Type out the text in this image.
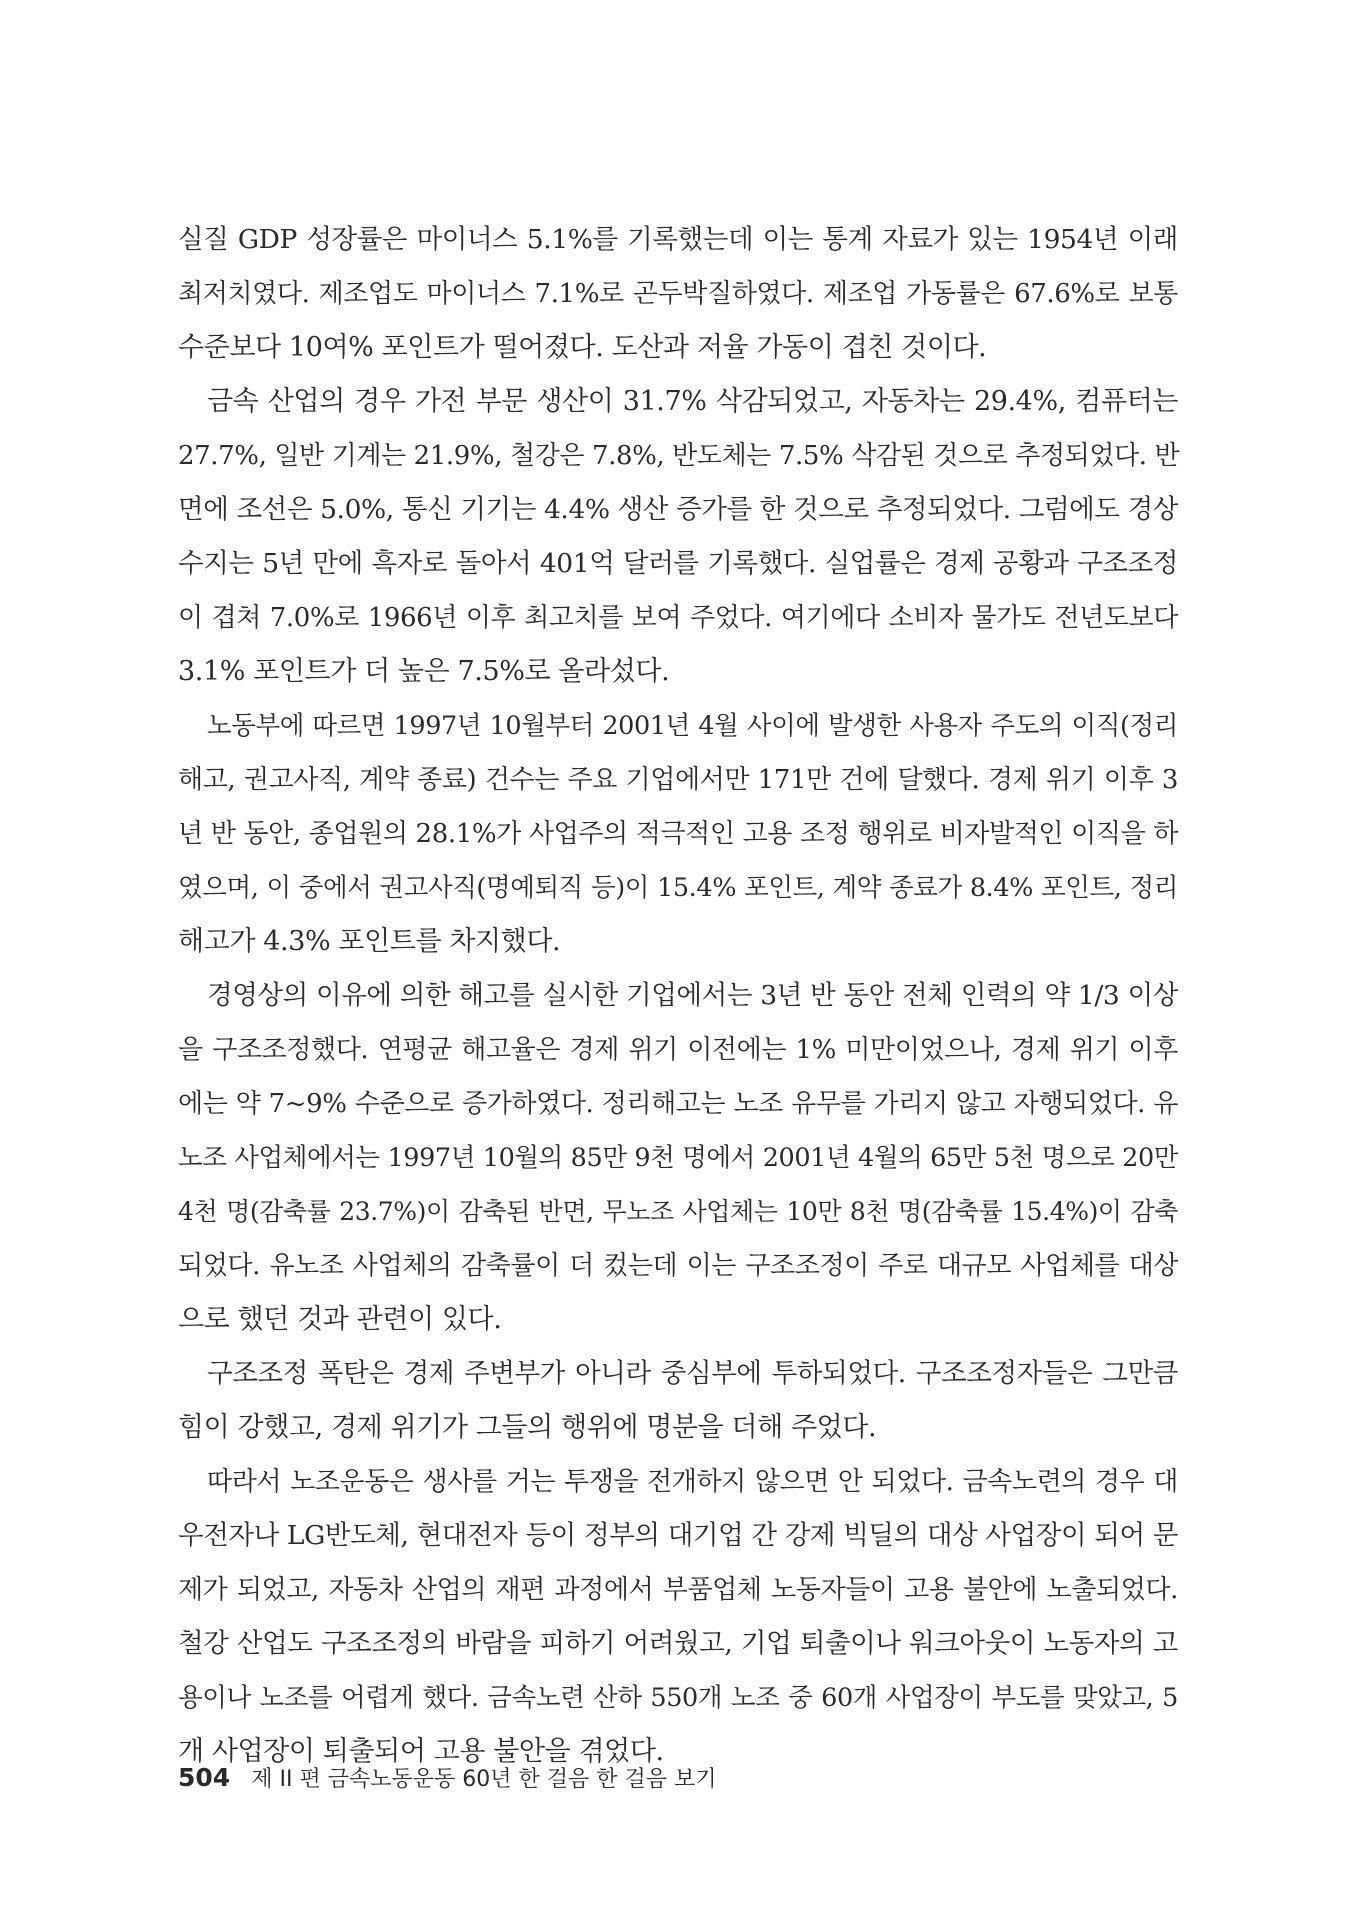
실질 GDP 성장률은 마이너스 5.1%를 기록했는데 이는 통계 자료가 있는 1954년 이래
최저치였다. 제조업도 마이너스 7.1%로 곤두박질하였다. 제조업 가동률은 67.6%로 보통
수준보다 10여% 포인트가 떨어졌다. 도산과 저율 가동이 겹친 것이다.

금속 산업의 경우 가전 부문 생산이 31.7% 삭감되었고, 자동차는 29.4%, 컴퓨터는
27.7%, 일반 기계는 21.9%, 철강은 7.8%, 반도체는 7.5% 삭감된 것으로 추정되었다. 반
면에 조선은 5.0%, 통신 기기는 4.4% 생산 증가를 한 것으로 추정되었다. 그럼에도 경상
수지는 5년 만에 흑자로 돌아서 401억 달러를 기록했다. 실업률은 경제 공황과 구조조정
이 겹쳐 7.0%로 1966년 이후 최고치를 보여 주었다. 여기에다 소비자 물가도 전년도보다
3.1% 포인트가 더 높은 7.5%로 올라섰다.

노동부에 따르면 1997년 10월부터 2001년 4월 사이에 발생한 사용자 주도의 이직(정리
해고, 권고사직, 계약 종료) 건수는 주요 기업에서만 171만 건에 달했다. 경제 위기 이후 3
년 반 동안, 종업원의 28.1%가 사업주의 적극적인 고용 조정 행위로 비자발적인 이직을 하
였으며, 이 중에서 권고사직(명예퇴직 등)이 15.4% 포인트, 계약 종료가 8.4% 포인트, 정리
해고가 4.3% 포인트를 차지했다.

경영상의 이유에 의한 해고를 실시한 기업에서는 3년 반 동안 전체 인력의 약 1/3 이상
을 구조조정했다. 연평균 해고율은 경제 위기 이전에는 1% 미만이었으나, 경제 위기 이후
에는 약 7~9% 수준으로 증가하였다. 정리해고는 노조 유무를 가리지 않고 자행되었다. 유
노조 사업체에서는 1997년 10월의 85만 9천 명에서 2001년 4월의 65만 5천 명으로 20만
4천 명(감축률 23.7%)이 감축된 반면, 무노조 사업체는 10만 8천 명(감축률 15.4%)이 감축
되었다. 유노조 사업체의 감축률이 더 컸는데 이는 구조조정이 주로 대규모 사업체를 대상
으로 했던 것과 관련이 있다.

구조조정 폭탄은 경제 주변부가 아니라 중심부에 투하되었다. 구조조정자들은 그만큼
힘이 강했고, 경제 위기가 그들의 행위에 명분을 더해 주었다.

따라서 노조운동은 생사를 거는 투쟁을 전개하지 않으면 안 되었다. 금속노련의 경우 대
우전자나 LG반도체, 현대전자 등이 정부의 대기업 간 강제 빅딜의 대상 사업장이 되어 문
제가 되었고, 자동차 산업의 재편 과정에서 부품업체 노동자들이 고용 불안에 노출되었다.
철강 산업도 구조조정의 바람을 피하기 어려웠고, 기업 퇴출이나 워크아웃이 노동자의 고
용이나 노조를 어렵게 했다. 금속노련 산하 550개 노조 중 60개 사업장이 부도를 맞았고, 5
개 사업장이 퇴출되어 고용 불안을 겪었다.

504 제 II 편 금속노동운동 60년 한 걸음 한 걸음 보기
